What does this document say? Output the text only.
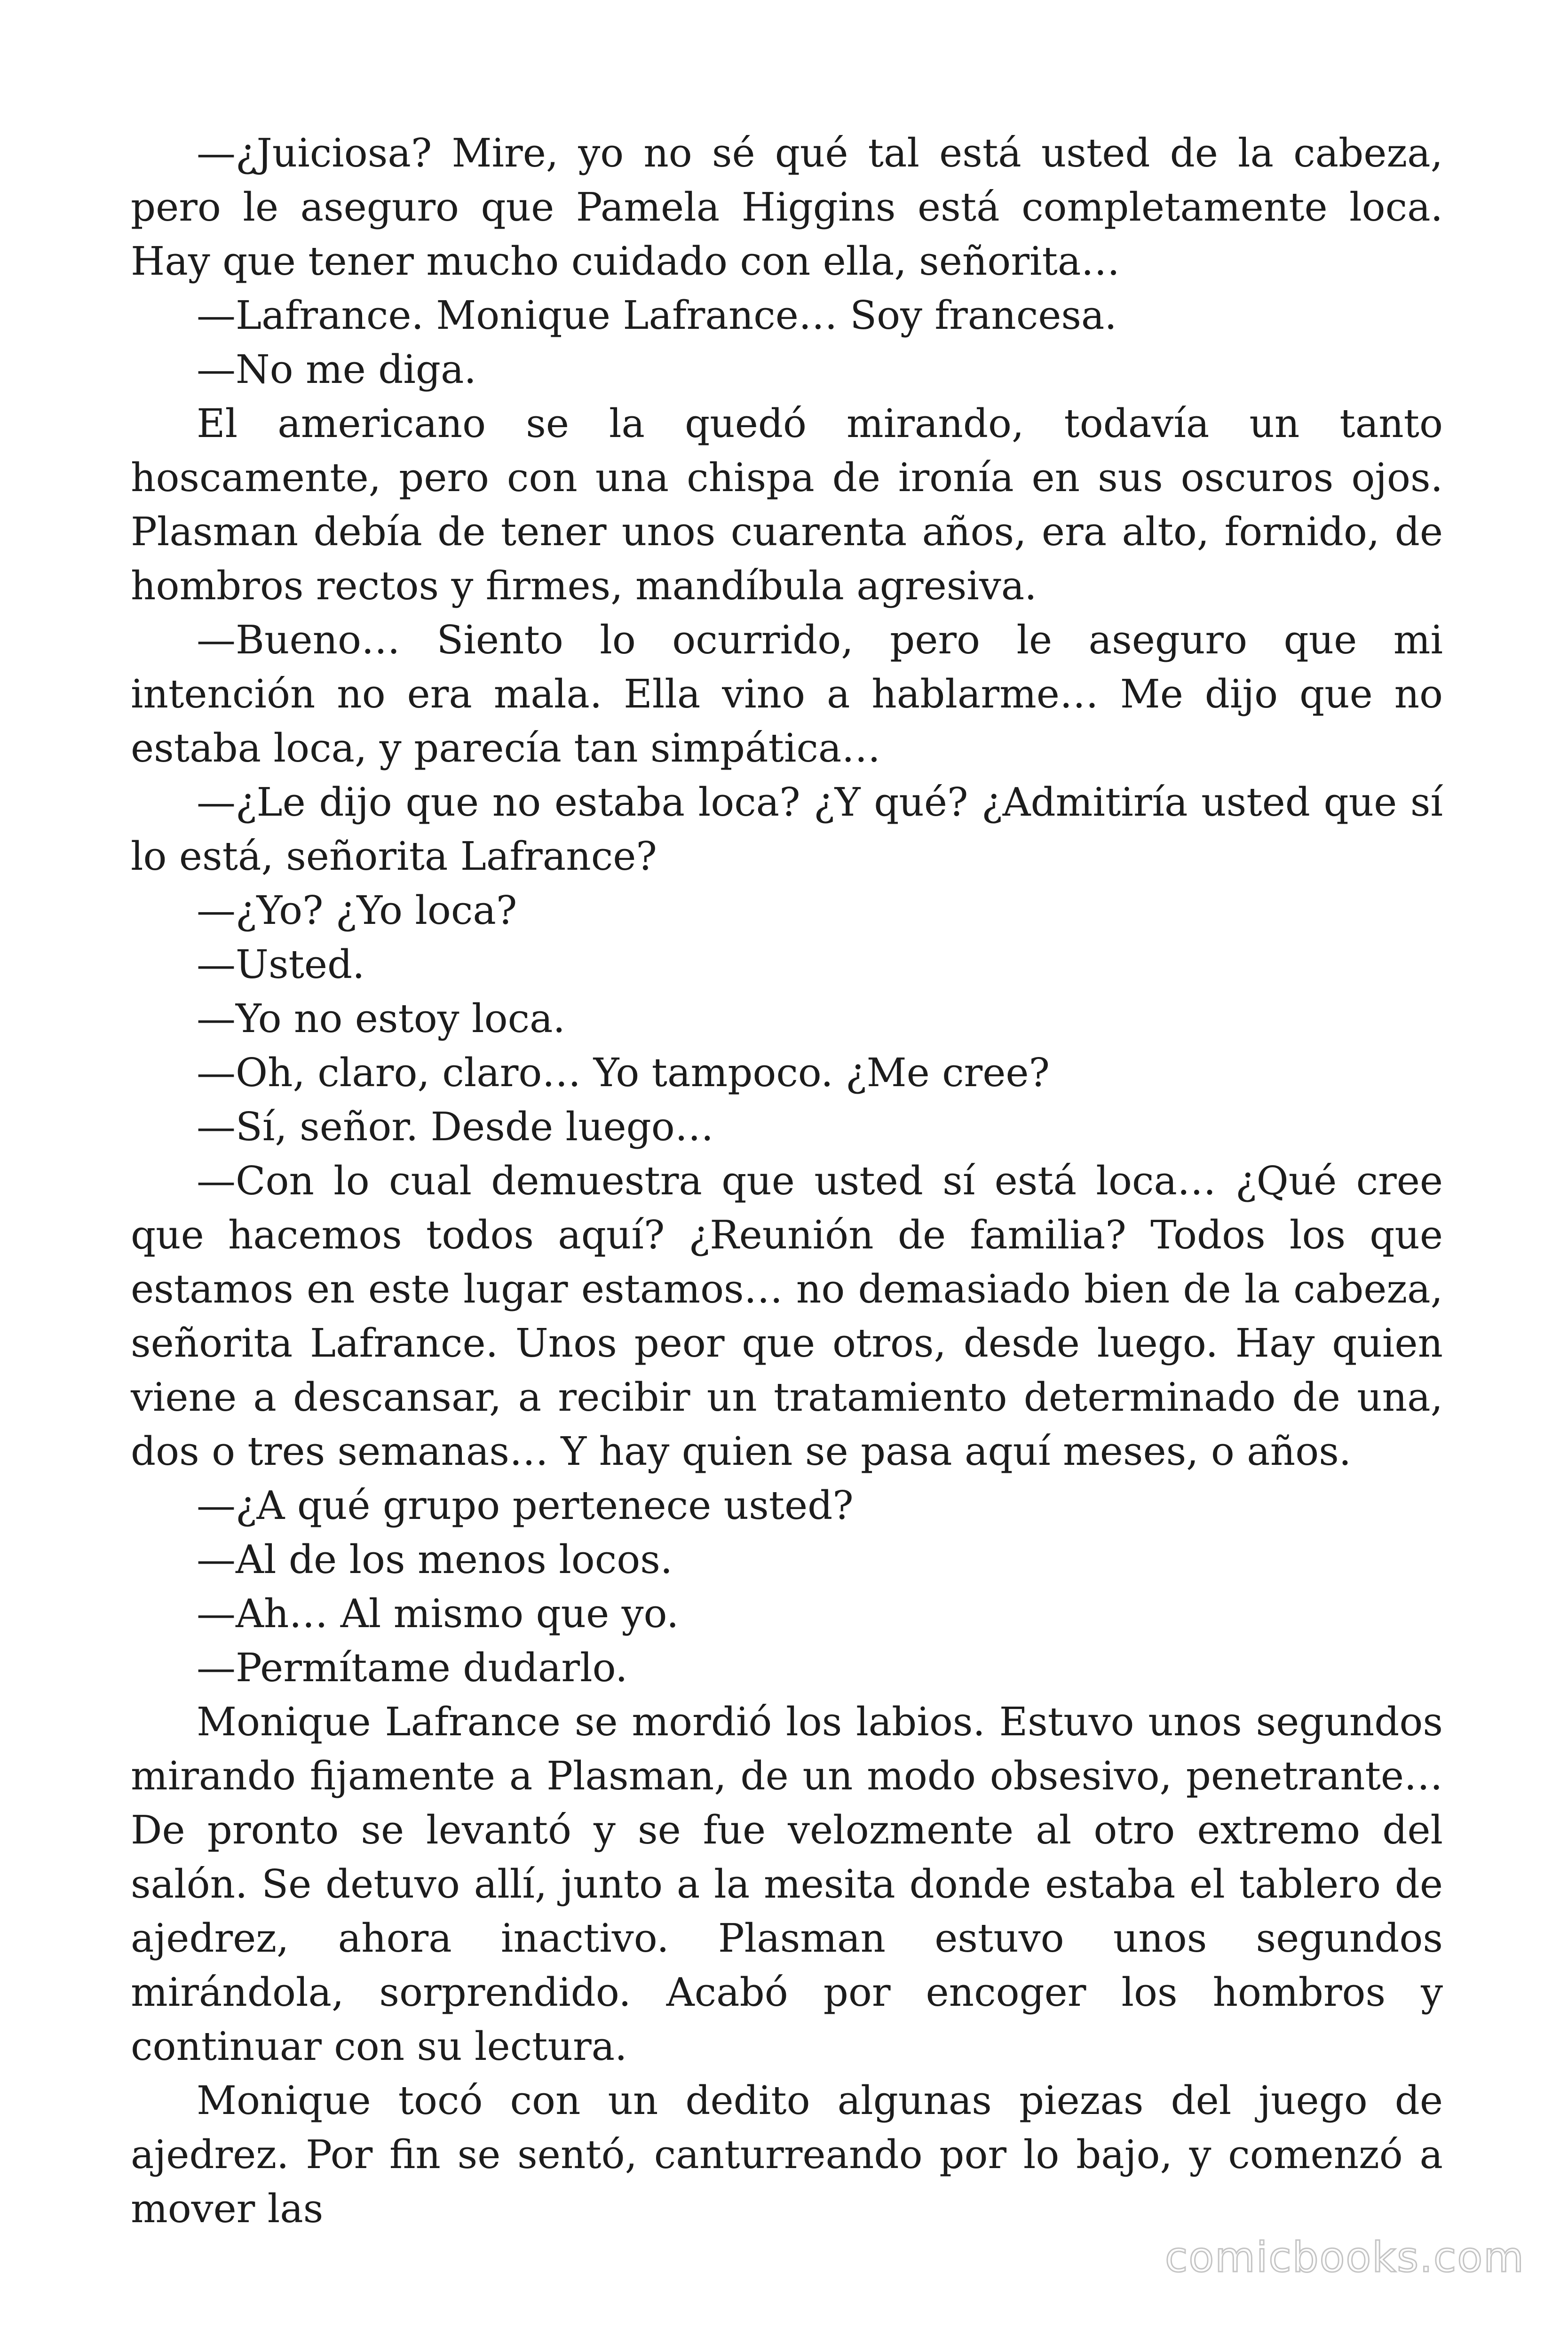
—¿Juiciosa? Mire, yo no sé qué tal está usted de la cabeza, pero le aseguro que Pamela Higgins está completamente loca. Hay que tener mucho cuidado con ella, señorita…

—Lafrance. Monique Lafrance… Soy francesa.

—No me diga.

El americano se la quedó mirando, todavía un tanto hoscamente, pero con una chispa de ironía en sus oscuros ojos. Plasman debía de tener unos cuarenta años, era alto, fornido, de hombros rectos y firmes, mandíbula agresiva.

—Bueno… Siento lo ocurrido, pero le aseguro que mi intención no era mala. Ella vino a hablarme… Me dijo que no estaba loca, y parecía tan simpática…

—¿Le dijo que no estaba loca? ¿Y qué? ¿Admitiría usted que sí lo está, señorita Lafrance?

—¿Yo? ¿Yo loca?

—Usted.

—Yo no estoy loca.

—Oh, claro, claro… Yo tampoco. ¿Me cree?

—Sí, señor. Desde luego…

—Con lo cual demuestra que usted sí está loca… ¿Qué cree que hacemos todos aquí? ¿Reunión de familia? Todos los que estamos en este lugar estamos… no demasiado bien de la cabeza, señorita Lafrance. Unos peor que otros, desde luego. Hay quien viene a descansar, a recibir un tratamiento determinado de una, dos o tres semanas… Y hay quien se pasa aquí meses, o años.

—¿A qué grupo pertenece usted?

—Al de los menos locos.

—Ah… Al mismo que yo.

—Permítame dudarlo.

Monique Lafrance se mordió los labios. Estuvo unos segundos mirando fijamente a Plasman, de un modo obsesivo, penetrante… De pronto se levantó y se fue velozmente al otro extremo del salón. Se detuvo allí, junto a la mesita donde estaba el tablero de ajedrez, ahora inactivo. Plasman estuvo unos segundos mirándola, sorprendido. Acabó por encoger los hombros y continuar con su lectura.

Monique tocó con un dedito algunas piezas del juego de ajedrez. Por fin se sentó, canturreando por lo bajo, y comenzó a mover las

comicbooks.com
